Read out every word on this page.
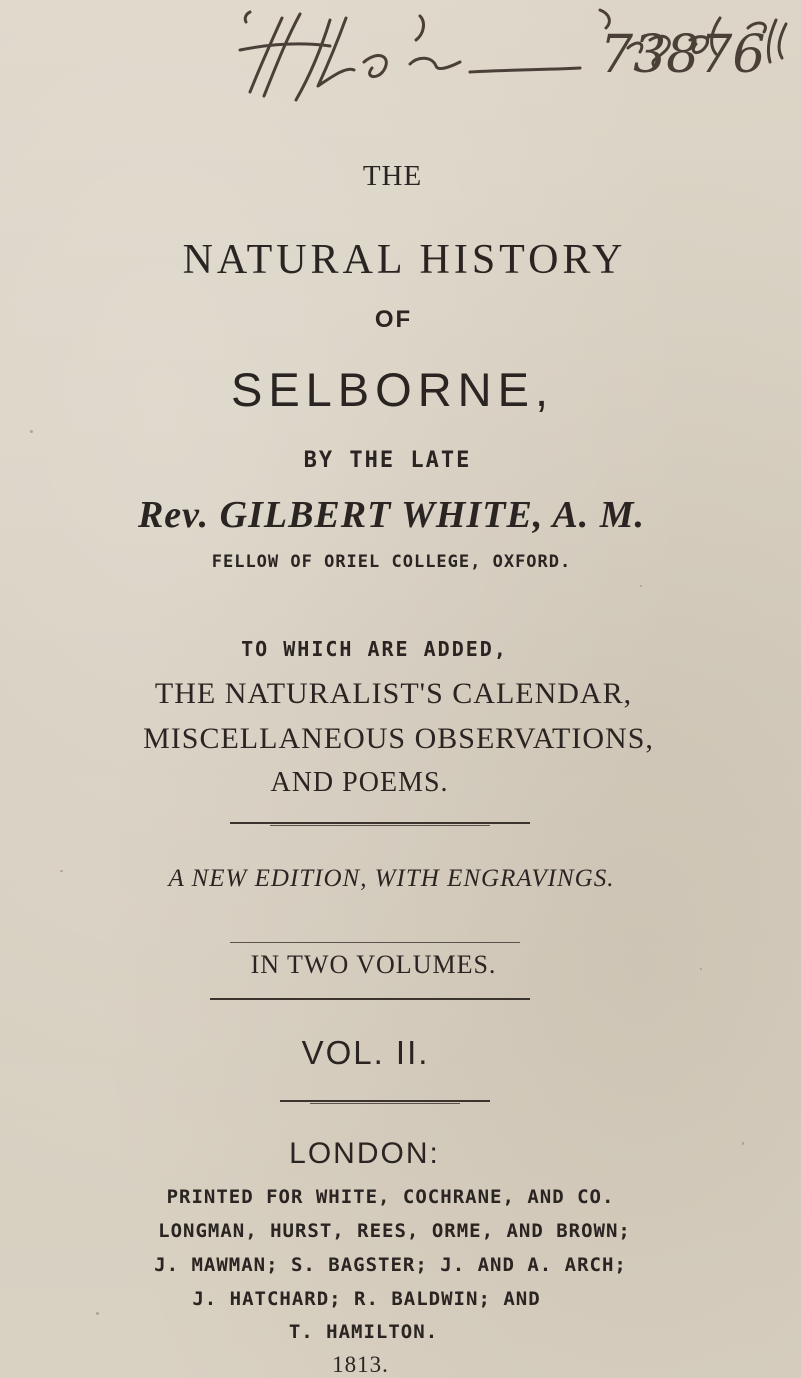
73876
THE
NATURAL HISTORY
OF
SELBORNE,
BY THE LATE
Rev. GILBERT WHITE, A. M.
FELLOW OF ORIEL COLLEGE, OXFORD.
TO WHICH ARE ADDED,
THE NATURALIST'S CALENDAR,
MISCELLANEOUS OBSERVATIONS,
AND POEMS.
A NEW EDITION, WITH ENGRAVINGS.
IN TWO VOLUMES.
VOL. II.
LONDON:
PRINTED FOR WHITE, COCHRANE, AND CO.
LONGMAN, HURST, REES, ORME, AND BROWN;
J. MAWMAN; S. BAGSTER; J. AND A. ARCH;
J. HATCHARD; R. BALDWIN; AND
T. HAMILTON.
1813.
